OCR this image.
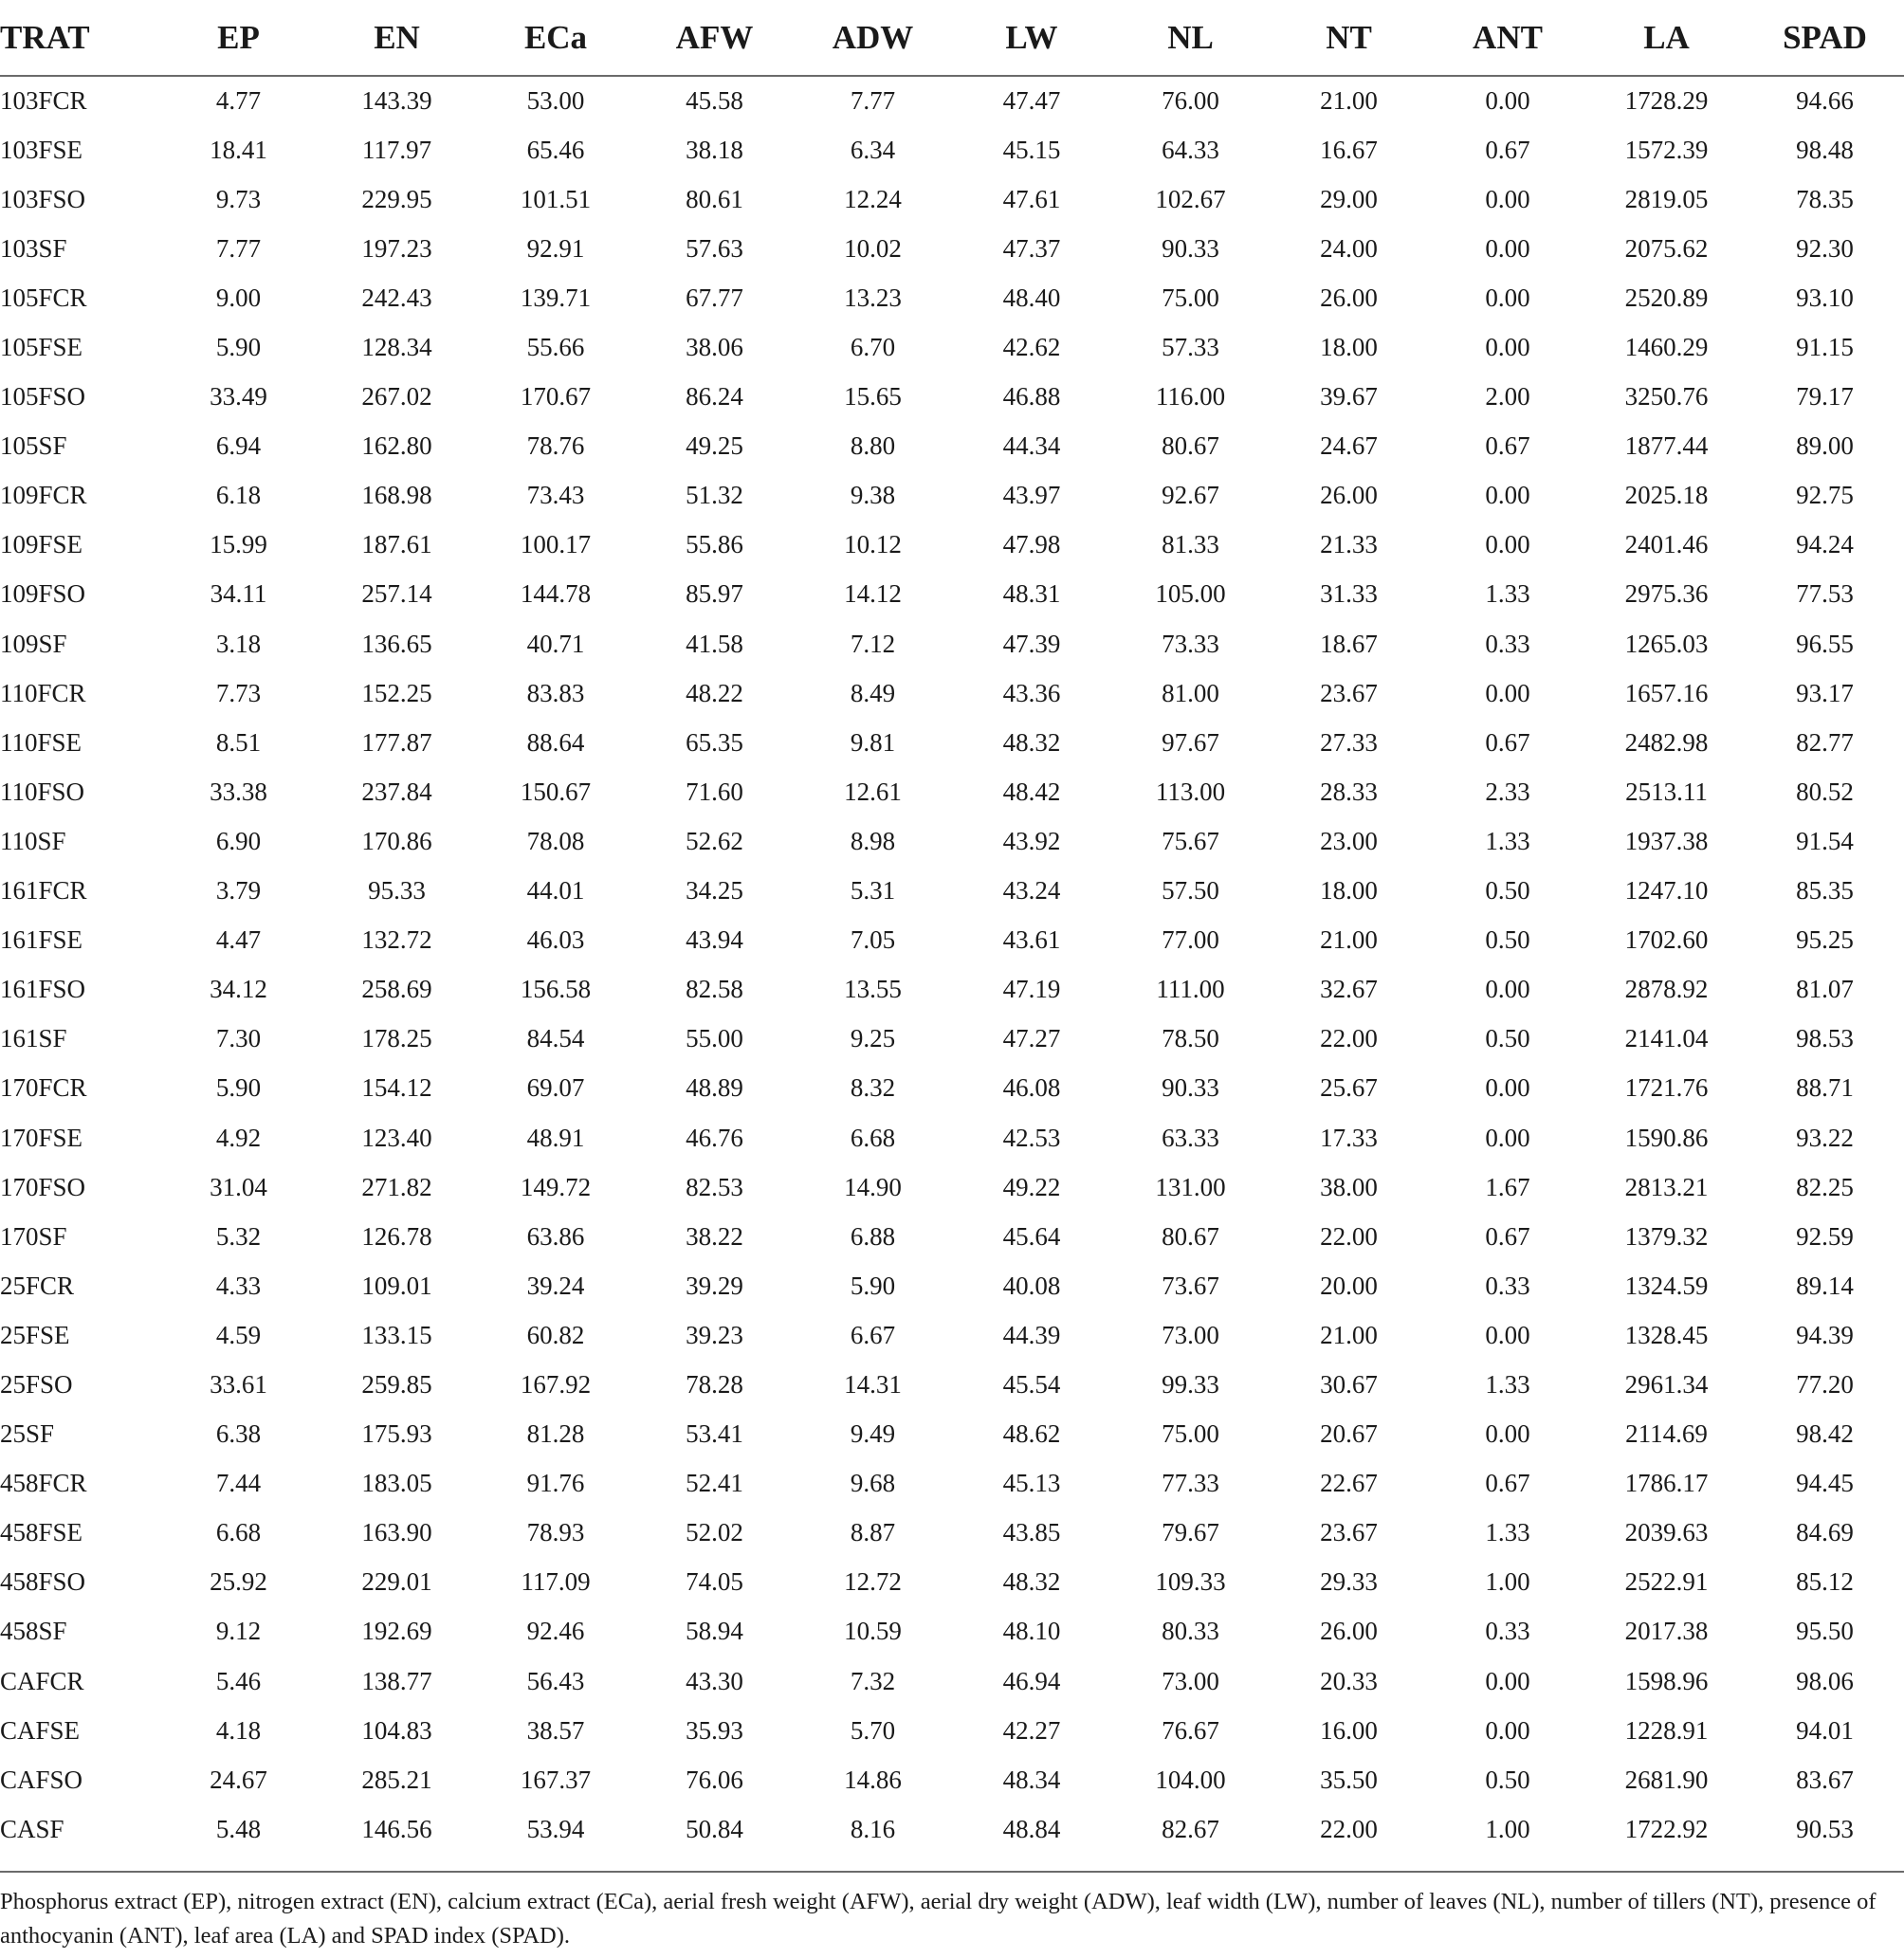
TRAT	EP	EN	ECa	AFW	ADW	LW	NL	NT	ANT	LA	SPAD
103FCR	4.77	143.39	53.00	45.58	7.77	47.47	76.00	21.00	0.00	1728.29	94.66
103FSE	18.41	117.97	65.46	38.18	6.34	45.15	64.33	16.67	0.67	1572.39	98.48
103FSO	9.73	229.95	101.51	80.61	12.24	47.61	102.67	29.00	0.00	2819.05	78.35
103SF	7.77	197.23	92.91	57.63	10.02	47.37	90.33	24.00	0.00	2075.62	92.30
105FCR	9.00	242.43	139.71	67.77	13.23	48.40	75.00	26.00	0.00	2520.89	93.10
105FSE	5.90	128.34	55.66	38.06	6.70	42.62	57.33	18.00	0.00	1460.29	91.15
105FSO	33.49	267.02	170.67	86.24	15.65	46.88	116.00	39.67	2.00	3250.76	79.17
105SF	6.94	162.80	78.76	49.25	8.80	44.34	80.67	24.67	0.67	1877.44	89.00
109FCR	6.18	168.98	73.43	51.32	9.38	43.97	92.67	26.00	0.00	2025.18	92.75
109FSE	15.99	187.61	100.17	55.86	10.12	47.98	81.33	21.33	0.00	2401.46	94.24
109FSO	34.11	257.14	144.78	85.97	14.12	48.31	105.00	31.33	1.33	2975.36	77.53
109SF	3.18	136.65	40.71	41.58	7.12	47.39	73.33	18.67	0.33	1265.03	96.55
110FCR	7.73	152.25	83.83	48.22	8.49	43.36	81.00	23.67	0.00	1657.16	93.17
110FSE	8.51	177.87	88.64	65.35	9.81	48.32	97.67	27.33	0.67	2482.98	82.77
110FSO	33.38	237.84	150.67	71.60	12.61	48.42	113.00	28.33	2.33	2513.11	80.52
110SF	6.90	170.86	78.08	52.62	8.98	43.92	75.67	23.00	1.33	1937.38	91.54
161FCR	3.79	95.33	44.01	34.25	5.31	43.24	57.50	18.00	0.50	1247.10	85.35
161FSE	4.47	132.72	46.03	43.94	7.05	43.61	77.00	21.00	0.50	1702.60	95.25
161FSO	34.12	258.69	156.58	82.58	13.55	47.19	111.00	32.67	0.00	2878.92	81.07
161SF	7.30	178.25	84.54	55.00	9.25	47.27	78.50	22.00	0.50	2141.04	98.53
170FCR	5.90	154.12	69.07	48.89	8.32	46.08	90.33	25.67	0.00	1721.76	88.71
170FSE	4.92	123.40	48.91	46.76	6.68	42.53	63.33	17.33	0.00	1590.86	93.22
170FSO	31.04	271.82	149.72	82.53	14.90	49.22	131.00	38.00	1.67	2813.21	82.25
170SF	5.32	126.78	63.86	38.22	6.88	45.64	80.67	22.00	0.67	1379.32	92.59
25FCR	4.33	109.01	39.24	39.29	5.90	40.08	73.67	20.00	0.33	1324.59	89.14
25FSE	4.59	133.15	60.82	39.23	6.67	44.39	73.00	21.00	0.00	1328.45	94.39
25FSO	33.61	259.85	167.92	78.28	14.31	45.54	99.33	30.67	1.33	2961.34	77.20
25SF	6.38	175.93	81.28	53.41	9.49	48.62	75.00	20.67	0.00	2114.69	98.42
458FCR	7.44	183.05	91.76	52.41	9.68	45.13	77.33	22.67	0.67	1786.17	94.45
458FSE	6.68	163.90	78.93	52.02	8.87	43.85	79.67	23.67	1.33	2039.63	84.69
458FSO	25.92	229.01	117.09	74.05	12.72	48.32	109.33	29.33	1.00	2522.91	85.12
458SF	9.12	192.69	92.46	58.94	10.59	48.10	80.33	26.00	0.33	2017.38	95.50
CAFCR	5.46	138.77	56.43	43.30	7.32	46.94	73.00	20.33	0.00	1598.96	98.06
CAFSE	4.18	104.83	38.57	35.93	5.70	42.27	76.67	16.00	0.00	1228.91	94.01
CAFSO	24.67	285.21	167.37	76.06	14.86	48.34	104.00	35.50	0.50	2681.90	83.67
CASF	5.48	146.56	53.94	50.84	8.16	48.84	82.67	22.00	1.00	1722.92	90.53
Phosphorus extract (EP), nitrogen extract (EN), calcium extract (ECa), aerial fresh weight (AFW), aerial dry weight (ADW), leaf width (LW), number of leaves (NL), number of tillers (NT), presence of anthocyanin (ANT), leaf area (LA) and SPAD index (SPAD).
